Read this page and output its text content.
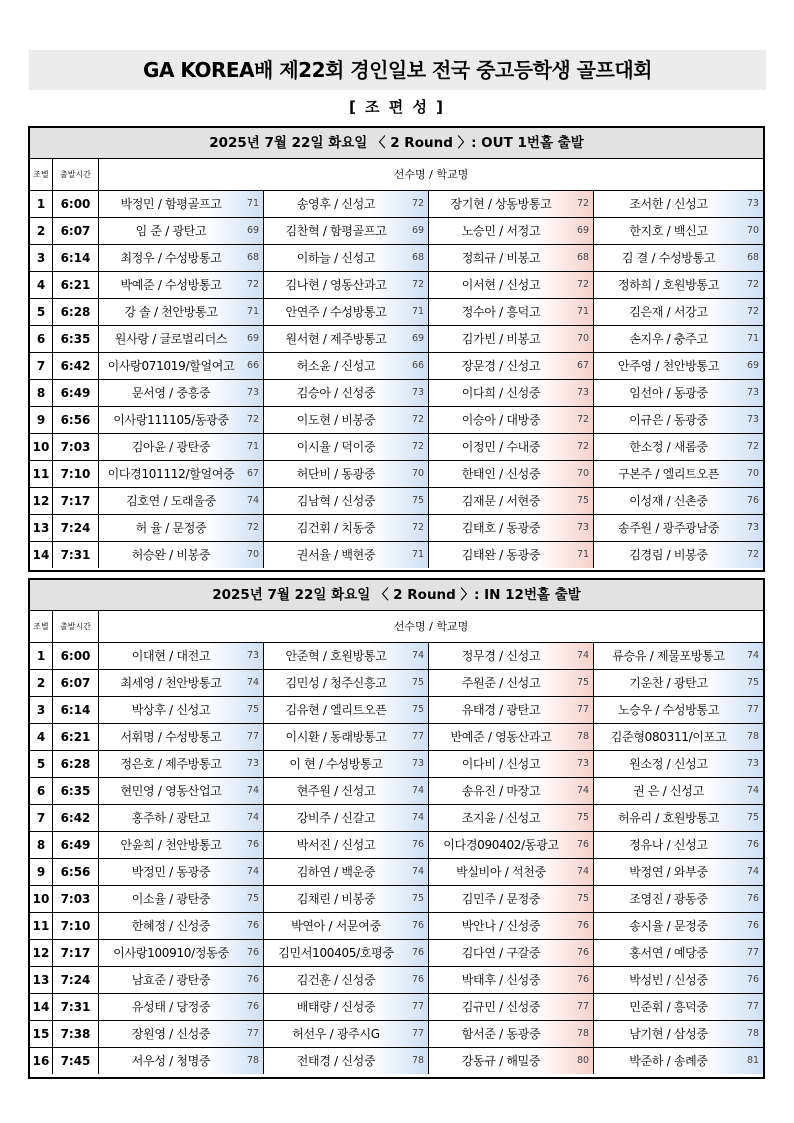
GA KOREA배 제22회 경인일보 전국 중고등학생 골프대회
[ 조 편 성 ]
2025년 7월 22일 화요일 〈 2 Round 〉: OUT 1번홀 출발
조별	출발시간	선수명 / 학교명
1	6:00	박정민 / 함평골프고	71	송영후 / 신성고	72	장기현 / 상동방통고	72	조서한 / 신성고	73
2	6:07	임 준 / 광탄고	69	김찬혁 / 함평골프고	69	노승민 / 서정고	69	한지호 / 백신고	70
3	6:14	최정우 / 수성방통고	68	이하늘 / 신성고	68	정희규 / 비봉고	68	김 결 / 수성방통고	68
4	6:21	박예준 / 수성방통고	72	김나현 / 영동산과고	72	이서현 / 신성고	72	정하희 / 호원방통고	72
5	6:28	강 솔 / 천안방통고	71	안연주 / 수성방통고	71	정수아 / 흥덕고	71	김은재 / 서강고	72
6	6:35	원사랑 / 글로벌리더스	69	원서현 / 제주방통고	69	김가빈 / 비봉고	70	손지우 / 충주고	71
7	6:42	이사랑071019/할얼여고	66	허소윤 / 신성고	66	장문경 / 신성고	67	안주영 / 천안방통고	69
8	6:49	문서영 / 중흥중	73	김승아 / 신성중	73	이다희 / 신성중	73	임선아 / 동광중	73
9	6:56	이사랑111105/동광중	72	이도현 / 비봉중	72	이승아 / 대방중	72	이규은 / 동광중	73
10 7:03	김아윤 / 광탄중	71	이시율 / 덕이중	72	이정민 / 수내중	72	한소정 / 새롬중	72
11 7:10	이다경101112/할얼여중	67	허단비 / 동광중	70	한태인 / 신성중	70	구본주 / 엘리트오픈	70
12 7:17	김호연 / 도래울중	74	김남혁 / 신성중	75	김재문 / 서현중	75	이성재 / 신촌중	76
13 7:24	허 율 / 문정중	72	김건휘 / 치동중	72	김태호 / 동광중	73	송주원 / 광주광남중	73
14 7:31	허승완 / 비봉중	70	권서율 / 백현중	71	김태완 / 동광중	71	김경림 / 비봉중	72
2025년 7월 22일 화요일 〈 2 Round 〉: IN 12번홀 출발
조별	출발시간	선수명 / 학교명
1	6:00	이대현 / 대전고	73	안준혁 / 호원방통고	74	정무경 / 신성고	74	류승유 / 제물포방통고	74
2	6:07	최세영 / 천안방통고	74	김민성 / 청주신흥고	75	주원준 / 신성고	75	기운찬 / 광탄고	75
3	6:14	박상후 / 신성고	75	김유현 / 엘리트오픈	75	유태경 / 광탄고	77	노승우 / 수성방통고	77
4	6:21	서휘명 / 수성방통고	77	이시환 / 동래방통고	77	반예준 / 영동산과고	78	김준형080311/이포고	78
5	6:28	정은호 / 제주방통고	73	이 현 / 수성방통고	73	이다비 / 신성고	73	원소정 / 신성고	73
6	6:35	현민영 / 영동산업고	74	현주원 / 신성고	74	송유진 / 마장고	74	권 은 / 신성고	74
7	6:42	홍주하 / 광탄고	74	강비주 / 신갈고	74	조지윤 / 신성고	75	허유리 / 호원방통고	75
8	6:49	안윤희 / 천안방통고	76	박서진 / 신성고	76	이다경090402/동광고	76	정유나 / 신성고	76
9	6:56	박정민 / 동광중	74	김하연 / 백운중	74	박실비아 / 석천중	74	박정연 / 와부중	74
10 7:03	이소율 / 광탄중	75	김채린 / 비봉중	75	김민주 / 문정중	75	조영진 / 광동중	76
11 7:10	한혜정 / 신성중	76	박연아 / 서문여중	76	박안나 / 신성중	76	송시율 / 문정중	76
12 7:17	이사랑100910/정동중	76	김민서100405/호평중	76	김다연 / 구갈중	76	홍서연 / 예당중	77
13 7:24	남효준 / 광탄중	76	김건훈 / 신성중	76	박태후 / 신성중	76	박성빈 / 신성중	76
14 7:31	유성태 / 당정중	76	배태량 / 신성중	77	김규민 / 신성중	77	민준휘 / 흥덕중	77
15 7:38	장원영 / 신성중	77	허선우 / 광주시G	77	함서준 / 동광중	78	남기현 / 삼성중	78
16 7:45	서우성 / 청명중	78	전태경 / 신성중	78	강동규 / 해밀중	80	박준하 / 송례중	81
